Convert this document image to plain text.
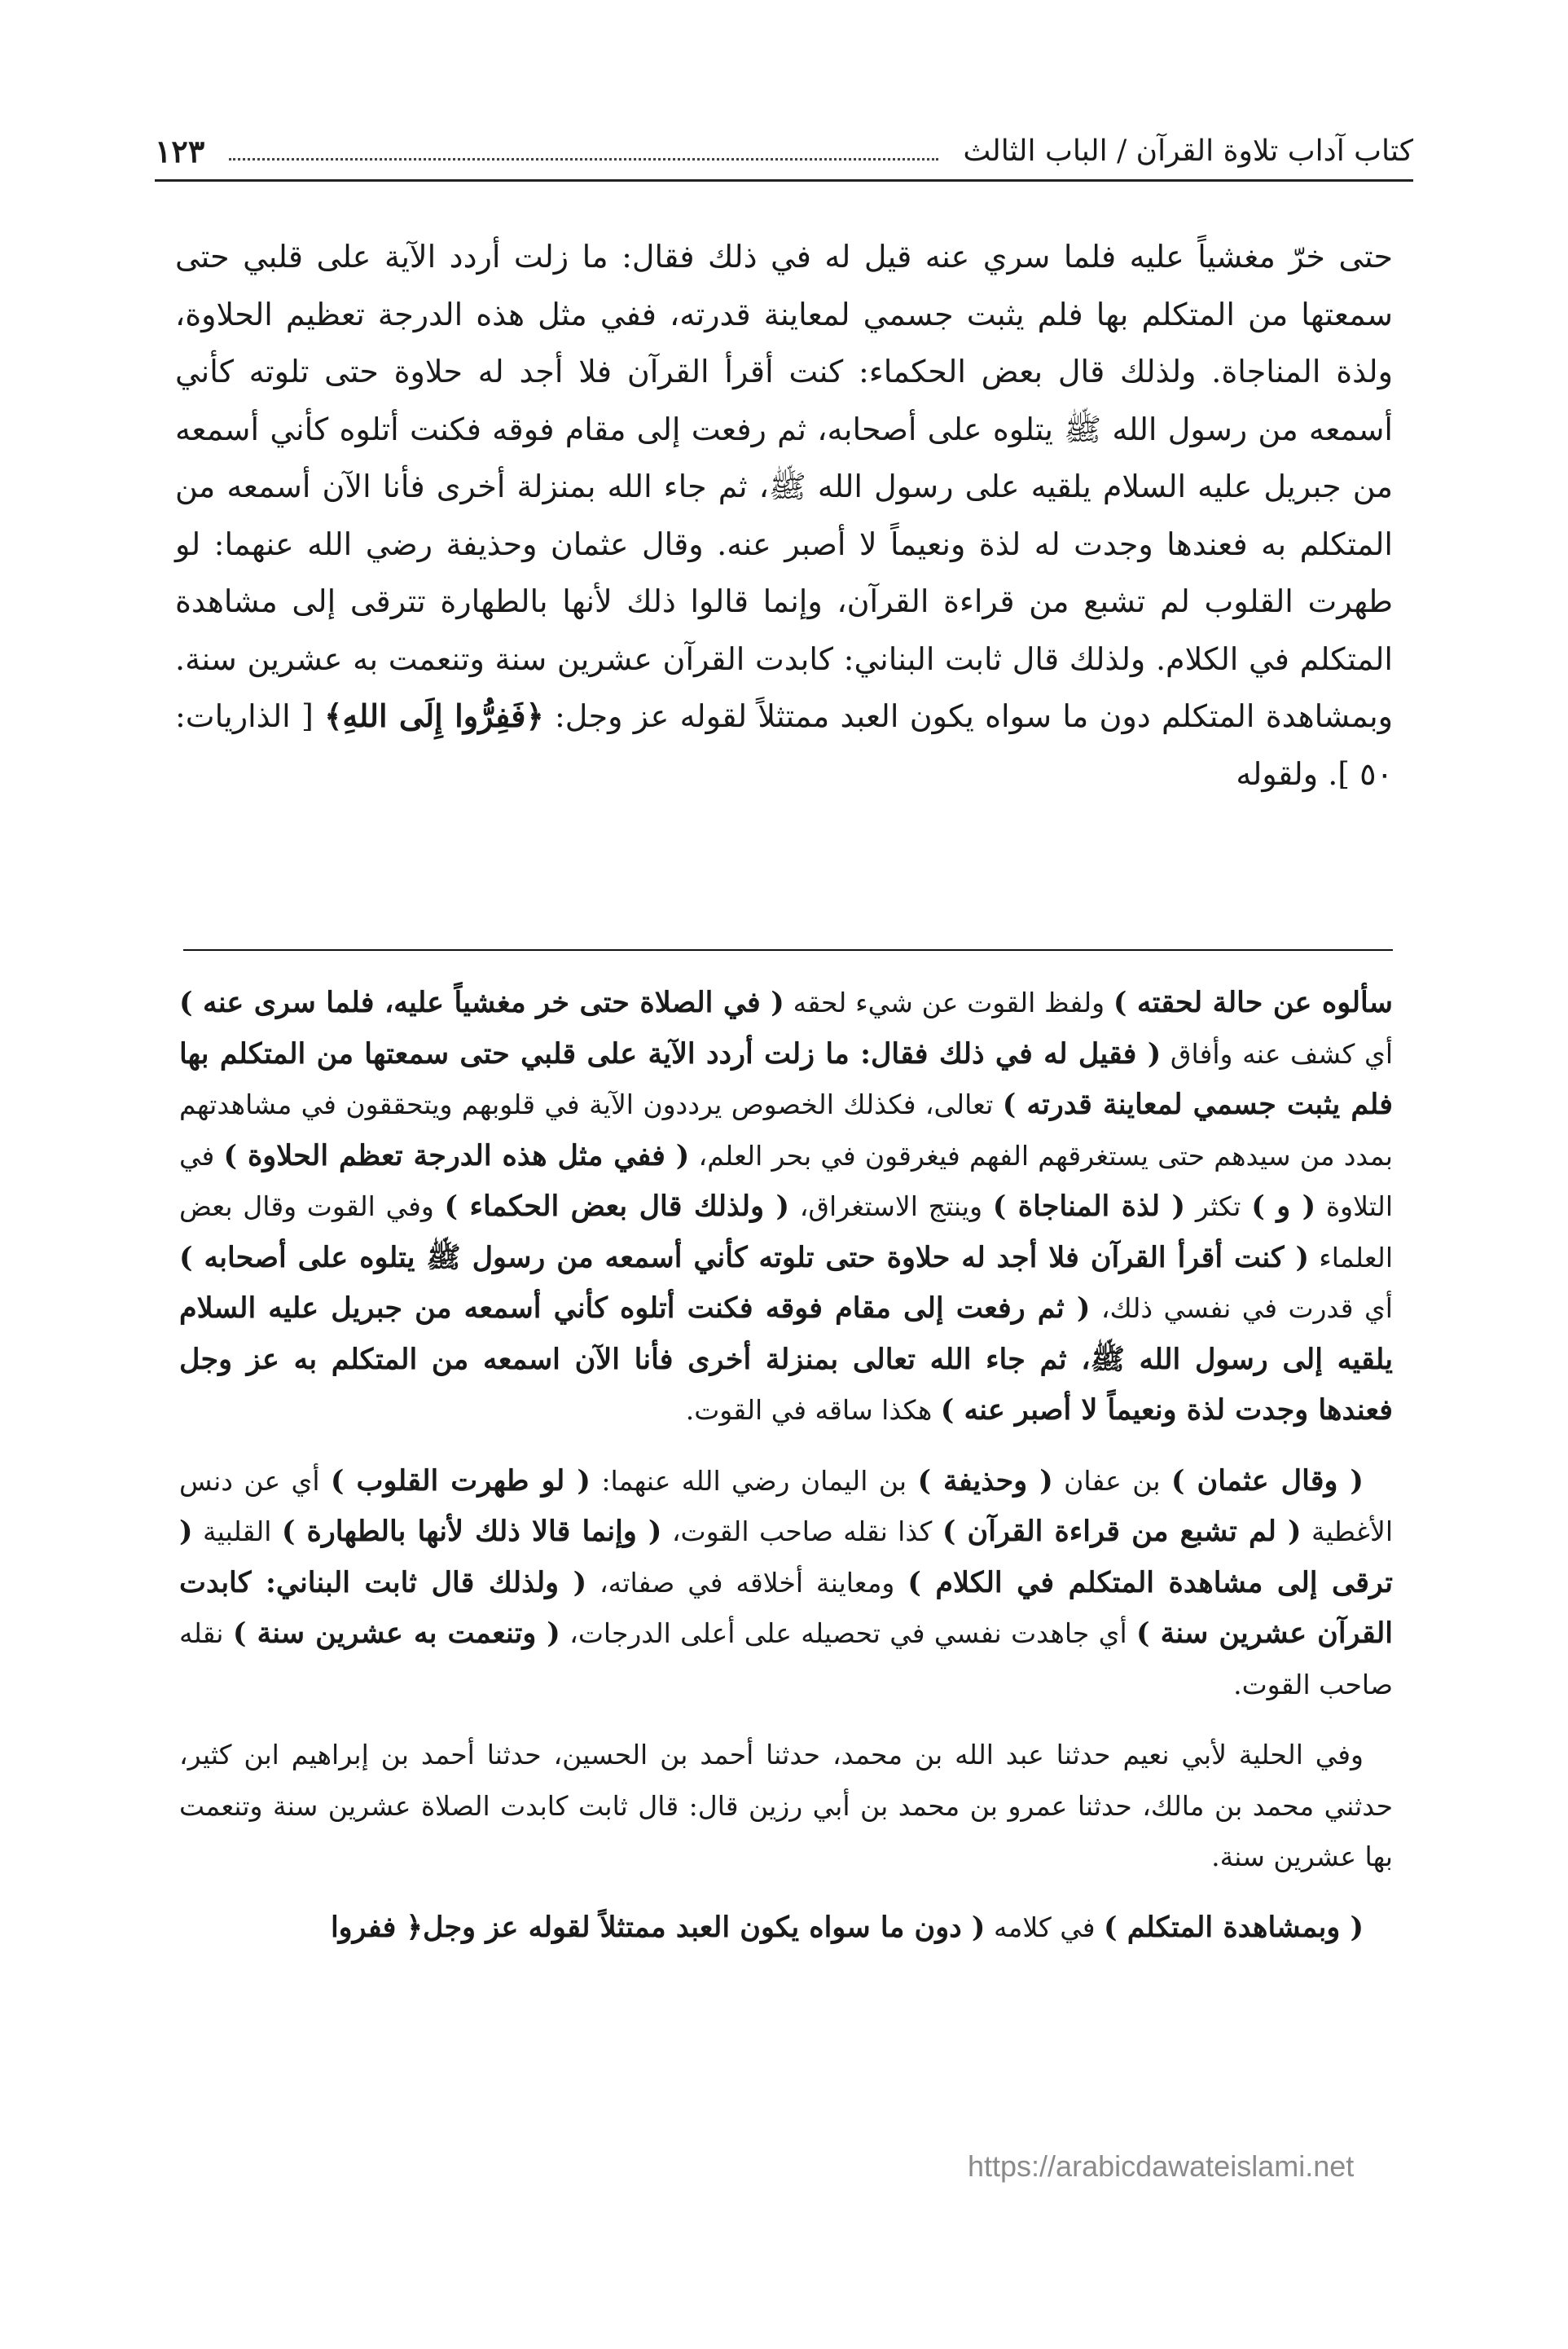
كتاب آداب تلاوة القرآن / الباب الثالث
١٢٣

حتى خرّ مغشياً عليه فلما سري عنه قيل له في ذلك فقال: ما زلت أردد الآية على قلبي حتى سمعتها من المتكلم بها فلم يثبت جسمي لمعاينة قدرته، ففي مثل هذه الدرجة تعظيم الحلاوة، ولذة المناجاة. ولذلك قال بعض الحكماء: كنت أقرأ القرآن فلا أجد له حلاوة حتى تلوته كأني أسمعه من رسول الله ﷺ يتلوه على أصحابه، ثم رفعت إلى مقام فوقه فكنت أتلوه كأني أسمعه من جبريل عليه السلام يلقيه على رسول الله ﷺ، ثم جاء الله بمنزلة أخرى فأنا الآن أسمعه من المتكلم به فعندها وجدت له لذة ونعيماً لا أصبر عنه. وقال عثمان وحذيفة رضي الله عنهما: لو طهرت القلوب لم تشبع من قراءة القرآن، وإنما قالوا ذلك لأنها بالطهارة تترقى إلى مشاهدة المتكلم في الكلام. ولذلك قال ثابت البناني: كابدت القرآن عشرين سنة وتنعمت به عشرين سنة. وبمشاهدة المتكلم دون ما سواه يكون العبد ممتثلاً لقوله عز وجل: ﴿فَفِرُّوا إِلَى اللهِ﴾ [ الذاريات: ٥٠ ]. ولقوله

سألوه عن حالة لحقته ) ولفظ القوت عن شيء لحقه ( في الصلاة حتى خر مغشياً عليه، فلما سرى عنه ) أي كشف عنه وأفاق ( فقيل له في ذلك فقال: ما زلت أردد الآية على قلبي حتى سمعتها من المتكلم بها فلم يثبت جسمي لمعاينة قدرته ) تعالى، فكذلك الخصوص يرددون الآية في قلوبهم ويتحققون في مشاهدتهم بمدد من سيدهم حتى يستغرقهم الفهم فيغرقون في بحر العلم، ( ففي مثل هذه الدرجة تعظم الحلاوة ) في التلاوة ( و ) تكثر ( لذة المناجاة ) وينتج الاستغراق، ( ولذلك قال بعض الحكماء ) وفي القوت وقال بعض العلماء ( كنت أقرأ القرآن فلا أجد له حلاوة حتى تلوته كأني أسمعه من رسول ﷺ يتلوه على أصحابه ) أي قدرت في نفسي ذلك، ( ثم رفعت إلى مقام فوقه فكنت أتلوه كأني أسمعه من جبريل عليه السلام يلقيه إلى رسول الله ﷺ، ثم جاء الله تعالى بمنزلة أخرى فأنا الآن اسمعه من المتكلم به عز وجل فعندها وجدت لذة ونعيماً لا أصبر عنه ) هكذا ساقه في القوت.

( وقال عثمان ) بن عفان ( وحذيفة ) بن اليمان رضي الله عنهما: ( لو طهرت القلوب ) أي عن دنس الأغطية ( لم تشبع من قراءة القرآن ) كذا نقله صاحب القوت، ( وإنما قالا ذلك لأنها بالطهارة ) القلبية ( ترقى إلى مشاهدة المتكلم في الكلام ) ومعاينة أخلاقه في صفاته، ( ولذلك قال ثابت البناني: كابدت القرآن عشرين سنة ) أي جاهدت نفسي في تحصيله على أعلى الدرجات، ( وتنعمت به عشرين سنة ) نقله صاحب القوت.

وفي الحلية لأبي نعيم حدثنا عبد الله بن محمد، حدثنا أحمد بن الحسين، حدثنا أحمد بن إبراهيم ابن كثير، حدثني محمد بن مالك، حدثنا عمرو بن محمد بن أبي رزين قال: قال ثابت كابدت الصلاة عشرين سنة وتنعمت بها عشرين سنة.

( وبمشاهدة المتكلم ) في كلامه ( دون ما سواه يكون العبد ممتثلاً لقوله عز وجل﴿ ففروا

https://arabicdawateislami.net
